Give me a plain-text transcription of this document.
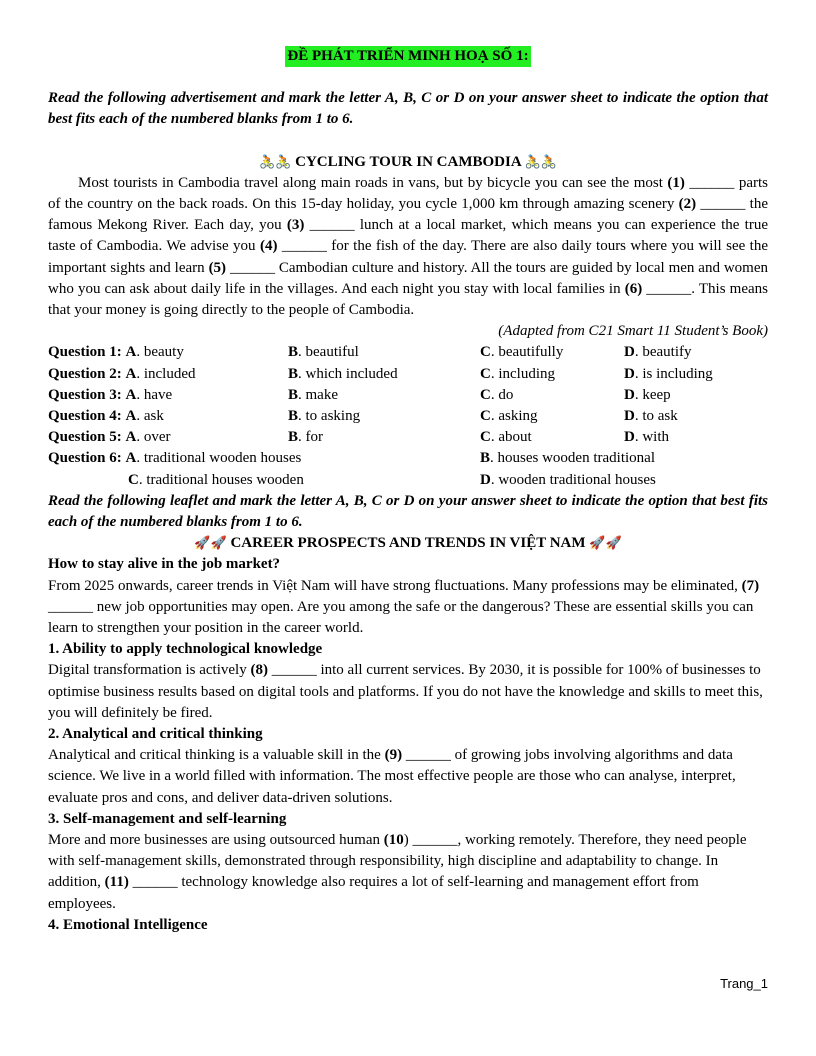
ĐỀ PHÁT TRIỂN MINH HOẠ SỐ 1:
Read the following advertisement and mark the letter A, B, C or D on your answer sheet to indicate the option that best fits each of the numbered blanks from 1 to 6.
🚴🚴 CYCLING TOUR IN CAMBODIA 🚴🚴
Most tourists in Cambodia travel along main roads in vans, but by bicycle you can see the most (1) ______ parts of the country on the back roads. On this 15-day holiday, you cycle 1,000 km through amazing scenery (2) ______ the famous Mekong River. Each day, you (3) ______ lunch at a local market, which means you can experience the true taste of Cambodia. We advise you (4) ______ for the fish of the day. There are also daily tours where you will see the important sights and learn (5) ______ Cambodian culture and history. All the tours are guided by local men and women who you can ask about daily life in the villages. And each night you stay with local families in (6) ______. This means that your money is going directly to the people of Cambodia.
(Adapted from C21 Smart 11 Student’s Book)
Question 1: A. beauty	B. beautiful	C. beautifully	D. beautify
Question 2: A. included	B. which included	C. including	D. is including
Question 3: A. have	B. make	C. do	D. keep
Question 4: A. ask	B. to asking	C. asking	D. to ask
Question 5: A. over	B. for	C. about	D. with
Question 6: A. traditional wooden houses	B. houses wooden traditional
C. traditional houses wooden	D. wooden traditional houses
Read the following leaflet and mark the letter A, B, C or D on your answer sheet to indicate the option that best fits each of the numbered blanks from 1 to 6.
🚀🚀 CAREER PROSPECTS AND TRENDS IN VIỆT NAM 🚀🚀
How to stay alive in the job market?
From 2025 onwards, career trends in Việt Nam will have strong fluctuations. Many professions may be eliminated, (7) ______ new job opportunities may open. Are you among the safe or the dangerous? These are essential skills you can learn to strengthen your position in the career world.
1. Ability to apply technological knowledge
Digital transformation is actively (8) ______ into all current services. By 2030, it is possible for 100% of businesses to optimise business results based on digital tools and platforms. If you do not have the knowledge and skills to meet this, you will definitely be fired.
2. Analytical and critical thinking
Analytical and critical thinking is a valuable skill in the (9) ______ of growing jobs involving algorithms and data science. We live in a world filled with information. The most effective people are those who can analyse, interpret, evaluate pros and cons, and deliver data-driven solutions.
3. Self-management and self-learning
More and more businesses are using outsourced human (10) ______, working remotely. Therefore, they need people with self-management skills, demonstrated through responsibility, high discipline and adaptability to change. In addition, (11) ______ technology knowledge also requires a lot of self-learning and management effort from employees.
4. Emotional Intelligence
Trang_1
